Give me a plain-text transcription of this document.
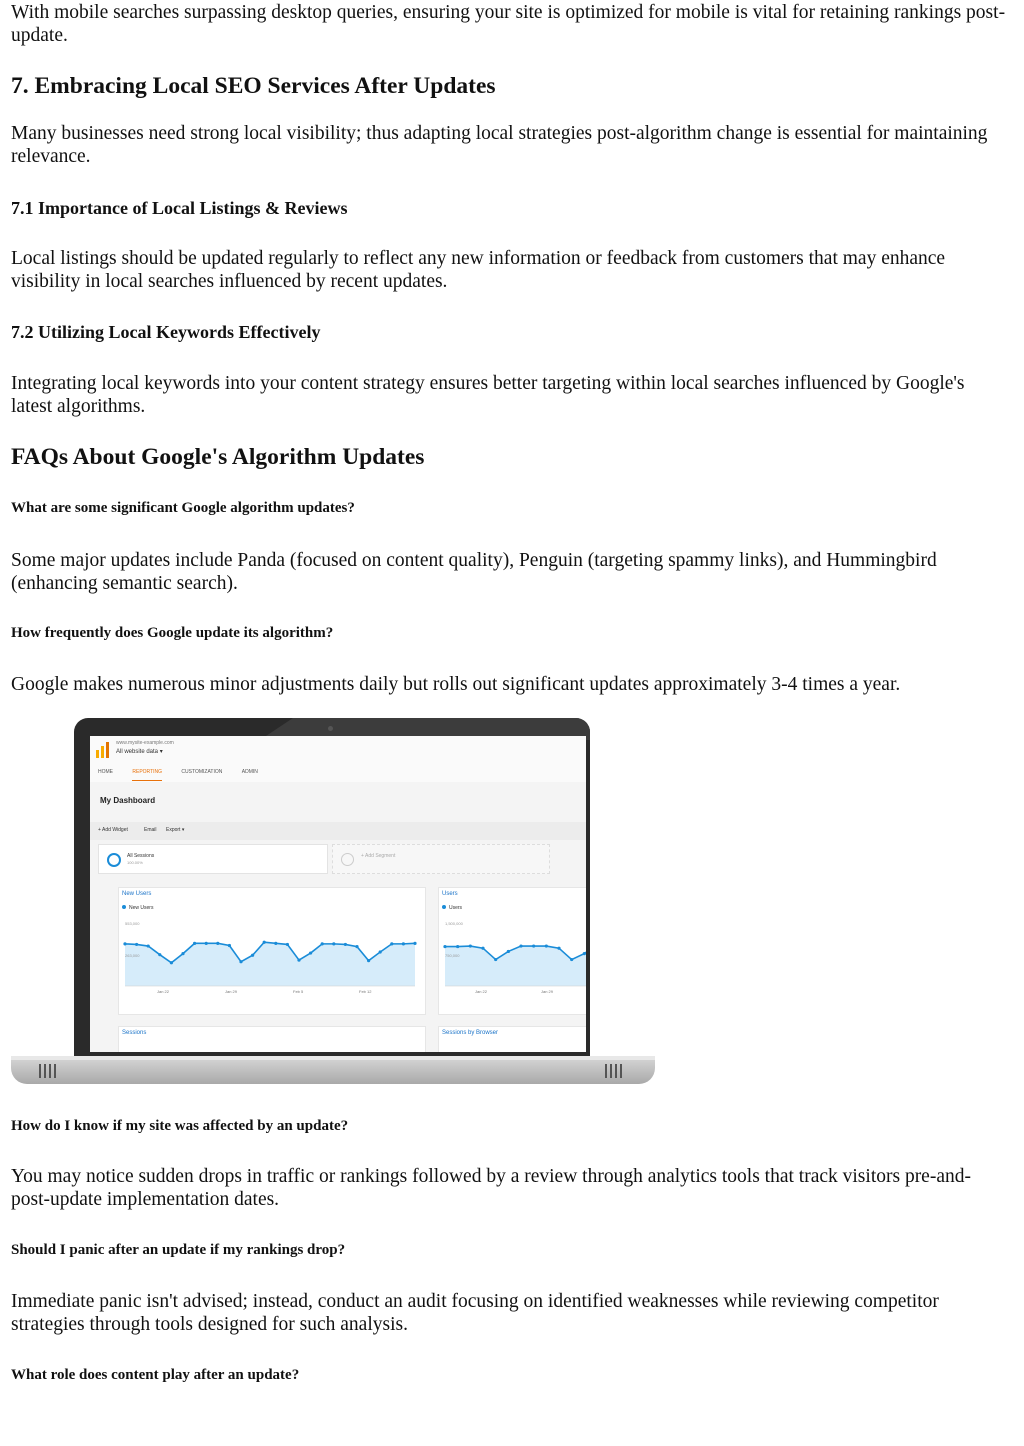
With mobile searches surpassing desktop queries, ensuring your site is optimized for mobile is vital for retaining rankings post-update.

7. Embracing Local SEO Services After Updates

Many businesses need strong local visibility; thus adapting local strategies post-algorithm change is essential for maintaining relevance.

7.1 Importance of Local Listings & Reviews

Local listings should be updated regularly to reflect any new information or feedback from customers that may enhance visibility in local searches influenced by recent updates.

7.2 Utilizing Local Keywords Effectively

Integrating local keywords into your content strategy ensures better targeting within local searches influenced by Google's latest algorithms.

FAQs About Google's Algorithm Updates
What are some significant Google algorithm updates?

Some major updates include Panda (focused on content quality), Penguin (targeting spammy links), and Hummingbird (enhancing semantic search).

How frequently does Google update its algorithm?

Google makes numerous minor adjustments daily but rolls out significant updates approximately 3-4 times a year.

How do I know if my site was affected by an update?

You may notice sudden drops in traffic or rankings followed by a review through analytics tools that track visitors pre-and-post-update implementation dates.

Should I panic after an update if my rankings drop?

Immediate panic isn't advised; instead, conduct an audit focusing on identified weaknesses while reviewing competitor strategies through tools designed for such analysis.

What role does content play after an update?
www.mysite-example.com
All website data ▾
HOME	REPORTING	CUSTOMIZATION	ADMIN
My Dashboard
+ Add Widget	Email Export ▾
All Sessions
100.00%
+ Add Segment
New Users
New Users
553,000
263,000
Jan 22	Jan 29	Feb 5	Feb 12
Users
Users
1,500,000
750,000
Jan 22	Jan 29
Sessions	Sessions by Browser
